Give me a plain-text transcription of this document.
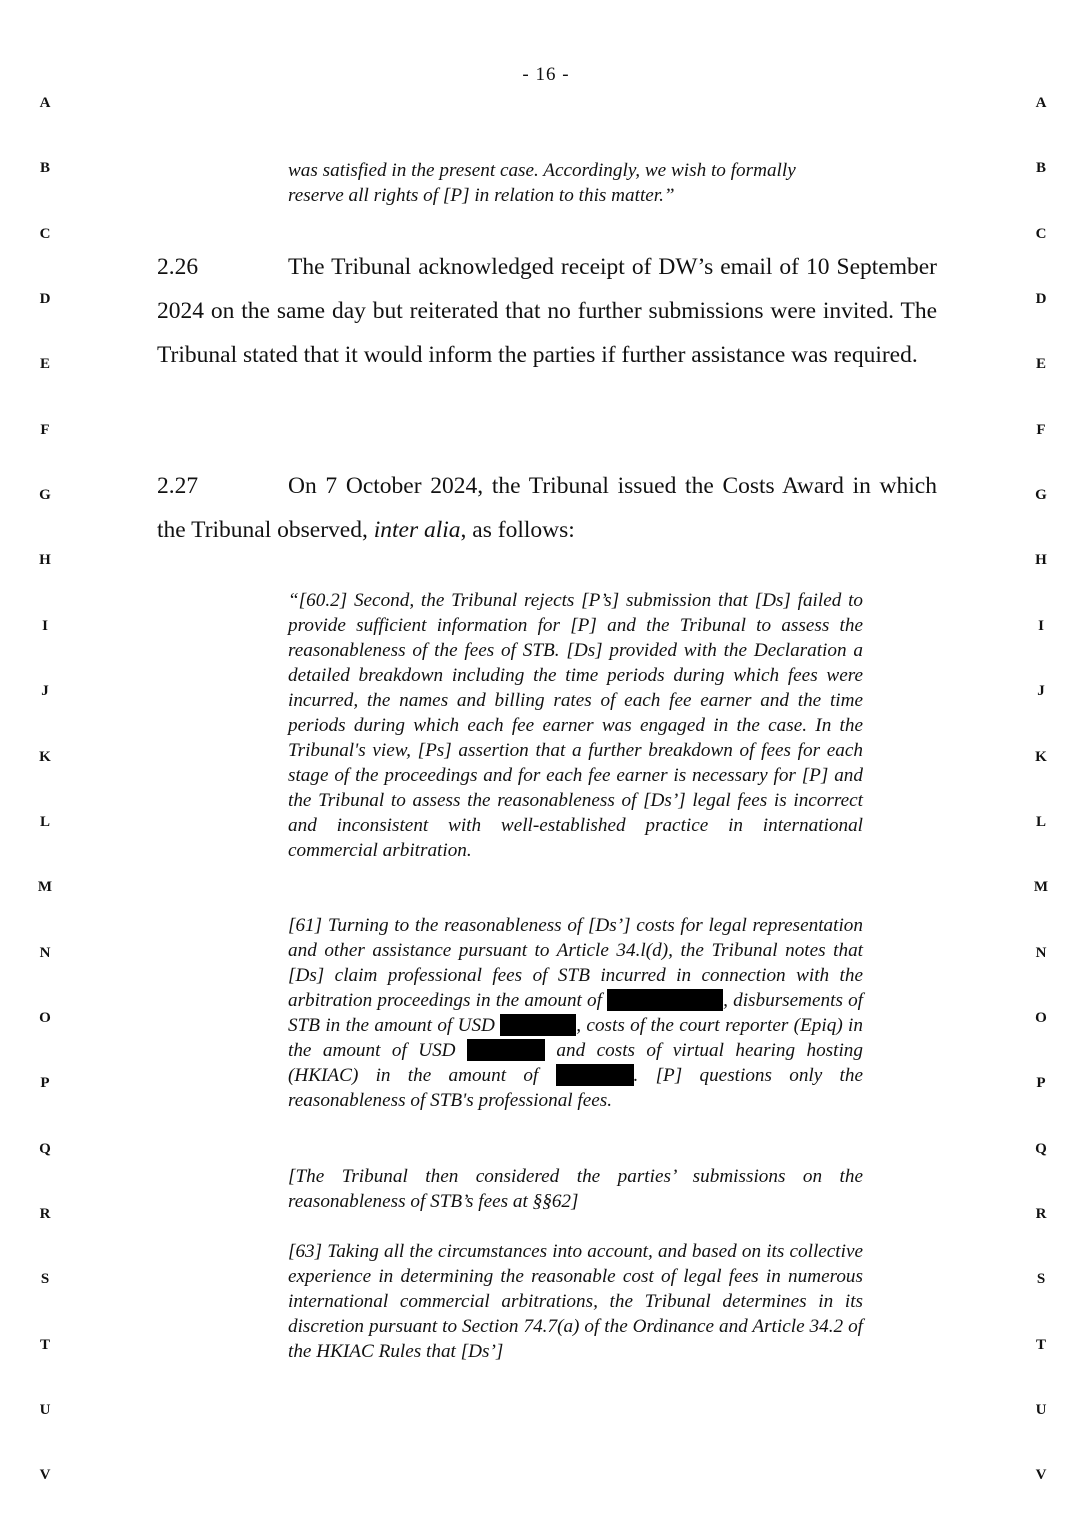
- 16 -
A
B
C
D
E
F
G
H
I
J
K
L
M
N
O
P
Q
R
S
T
U
V
A
B
C
D
E
F
G
H
I
J
K
L
M
N
O
P
Q
R
S
T
U
V

was satisfied in the present case. Accordingly, we wish to formally

reserve all rights of [P] in relation to this matter.”

2.26	The Tribunal acknowledged receipt of DW’s email of 10 September 2024 on the same day but reiterated that no further submissions were invited. The Tribunal stated that it would inform the parties if further assistance was required.
2.27	On 7 October 2024, the Tribunal issued the Costs Award in which the Tribunal observed, inter alia, as follows:

“[60.2] Second, the Tribunal rejects [P’s] submission that [Ds] failed to provide sufficient information for [P] and the Tribunal to assess the reasonableness of the fees of STB. [Ds] provided with the Declaration a detailed breakdown including the time periods during which fees were incurred, the names and billing rates of each fee earner and the time periods during which each fee earner was engaged in the case. In the Tribunal's view, [Ps] assertion that a further breakdown of fees for each stage of the proceedings and for each fee earner is necessary for [P] and the Tribunal to assess the reasonableness of [Ds’] legal fees is incorrect and inconsistent with well-established practice in international commercial arbitration.

[61] Turning to the reasonableness of [Ds’] costs for legal representation and other assistance pursuant to Article 34.l(d), the Tribunal notes that [Ds] claim professional fees of STB incurred in connection with the arbitration proceedings in the amount of	, disbursements of STB in the amount of USD	, costs of the court reporter (Epiq) in the amount of USD	and costs of virtual hearing hosting (HKIAC) in the amount of	. [P] questions only the reasonableness of STB's professional fees.

[The Tribunal then considered the parties’ submissions on the reasonableness of STB’s fees at §§62]

[63] Taking all the circumstances into account, and based on its collective experience in determining the reasonable cost of legal fees in numerous international commercial arbitrations, the Tribunal determines in its discretion pursuant to Section 74.7(a) of the Ordinance and Article 34.2 of the HKIAC Rules that [Ds’]
